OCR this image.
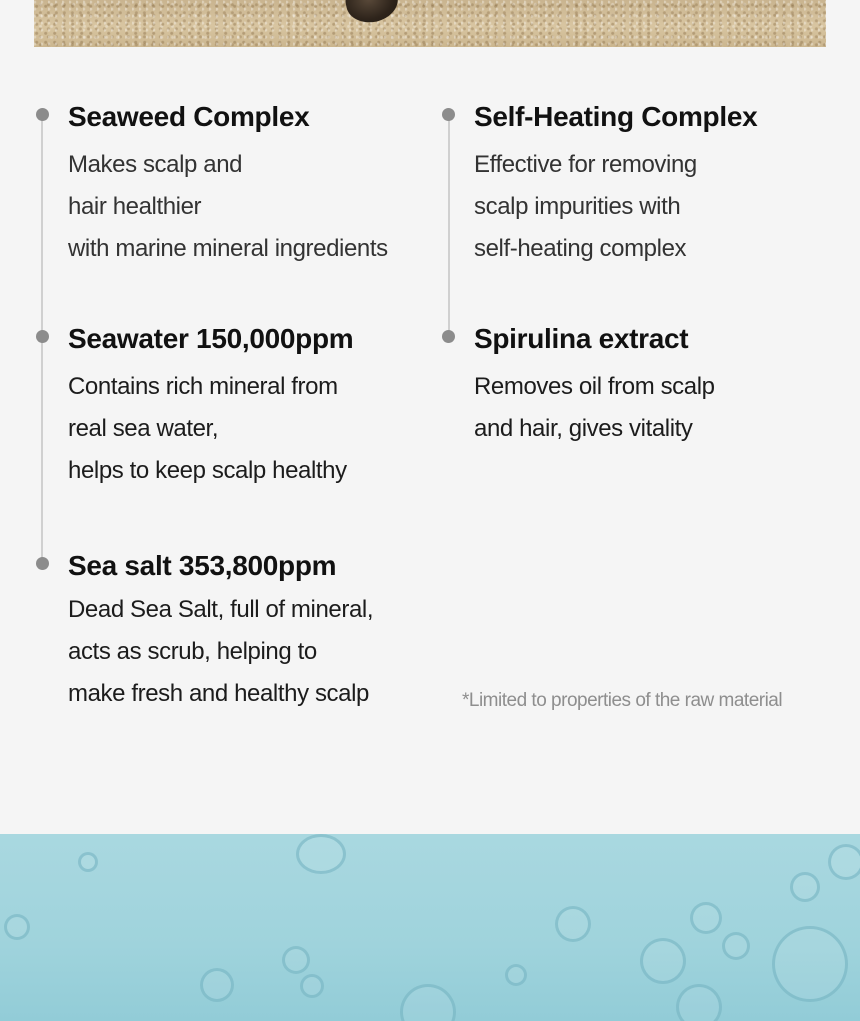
Seaweed Complex

Makes scalp and
hair healthier
with marine mineral ingredients

Self-Heating Complex

Effective for removing
scalp impurities with
self-heating complex

Seawater 150,000ppm

Contains rich mineral from
real sea water,
helps to keep scalp healthy

Spirulina extract

Removes oil from scalp
and hair, gives vitality

Sea salt 353,800ppm

Dead Sea Salt, full of mineral,
acts as scrub, helping to
make fresh and healthy scalp	*Limited to properties of the raw material
